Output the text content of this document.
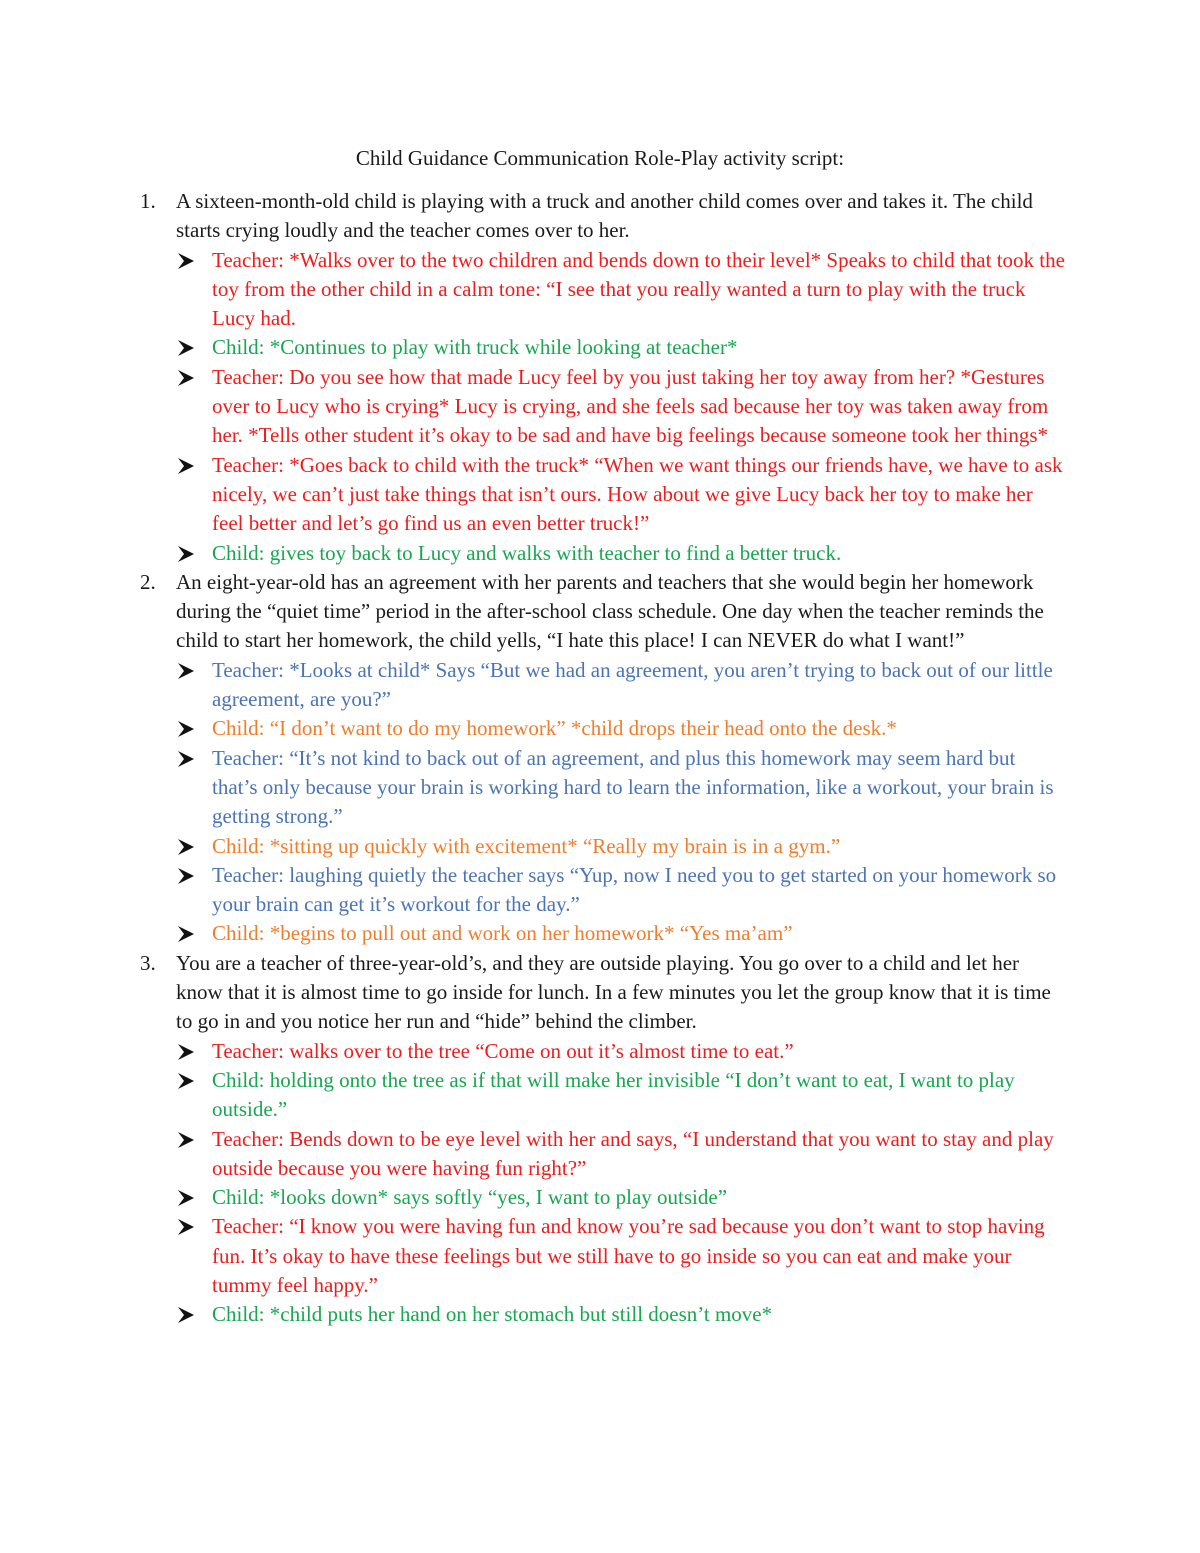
Child Guidance Communication Role-Play activity script:
1. A sixteen-month-old child is playing with a truck and another child comes over and takes it. The child starts crying loudly and the teacher comes over to her.

Teacher: *Walks over to the two children and bends down to their level* Speaks to child that took the toy from the other child in a calm tone: “I see that you really wanted a turn to play with the truck Lucy had.
Child: *Continues to play with truck while looking at teacher*
Teacher: Do you see how that made Lucy feel by you just taking her toy away from her? *Gestures over to Lucy who is crying* Lucy is crying, and she feels sad because her toy was taken away from her. *Tells other student it’s okay to be sad and have big feelings because someone took her things*
Teacher: *Goes back to child with the truck* “When we want things our friends have, we have to ask nicely, we can’t just take things that isn’t ours. How about we give Lucy back her toy to make her feel better and let’s go find us an even better truck!”
Child: gives toy back to Lucy and walks with teacher to find a better truck.
2. An eight-year-old has an agreement with her parents and teachers that she would begin her homework during the “quiet time” period in the after-school class schedule. One day when the teacher reminds the child to start her homework, the child yells, “I hate this place! I can NEVER do what I want!”

Teacher: *Looks at child* Says “But we had an agreement, you aren’t trying to back out of our little agreement, are you?”
Child: “I don’t want to do my homework” *child drops their head onto the desk.*
Teacher: “It’s not kind to back out of an agreement, and plus this homework may seem hard but that’s only because your brain is working hard to learn the information, like a workout, your brain is getting strong.”
Child: *sitting up quickly with excitement* “Really my brain is in a gym.”
Teacher: laughing quietly the teacher says “Yup, now I need you to get started on your homework so your brain can get it’s workout for the day.”
Child: *begins to pull out and work on her homework* “Yes ma’am”
3. You are a teacher of three-year-old’s, and they are outside playing. You go over to a child and let her know that it is almost time to go inside for lunch. In a few minutes you let the group know that it is time to go in and you notice her run and “hide” behind the climber.

Teacher: walks over to the tree “Come on out it’s almost time to eat.”
Child: holding onto the tree as if that will make her invisible “I don’t want to eat, I want to play outside.”
Teacher: Bends down to be eye level with her and says, “I understand that you want to stay and play outside because you were having fun right?”
Child: *looks down* says softly “yes, I want to play outside”
Teacher: “I know you were having fun and know you’re sad because you don’t want to stop having fun. It’s okay to have these feelings but we still have to go inside so you can eat and make your tummy feel happy.”
Child: *child puts her hand on her stomach but still doesn’t move*
